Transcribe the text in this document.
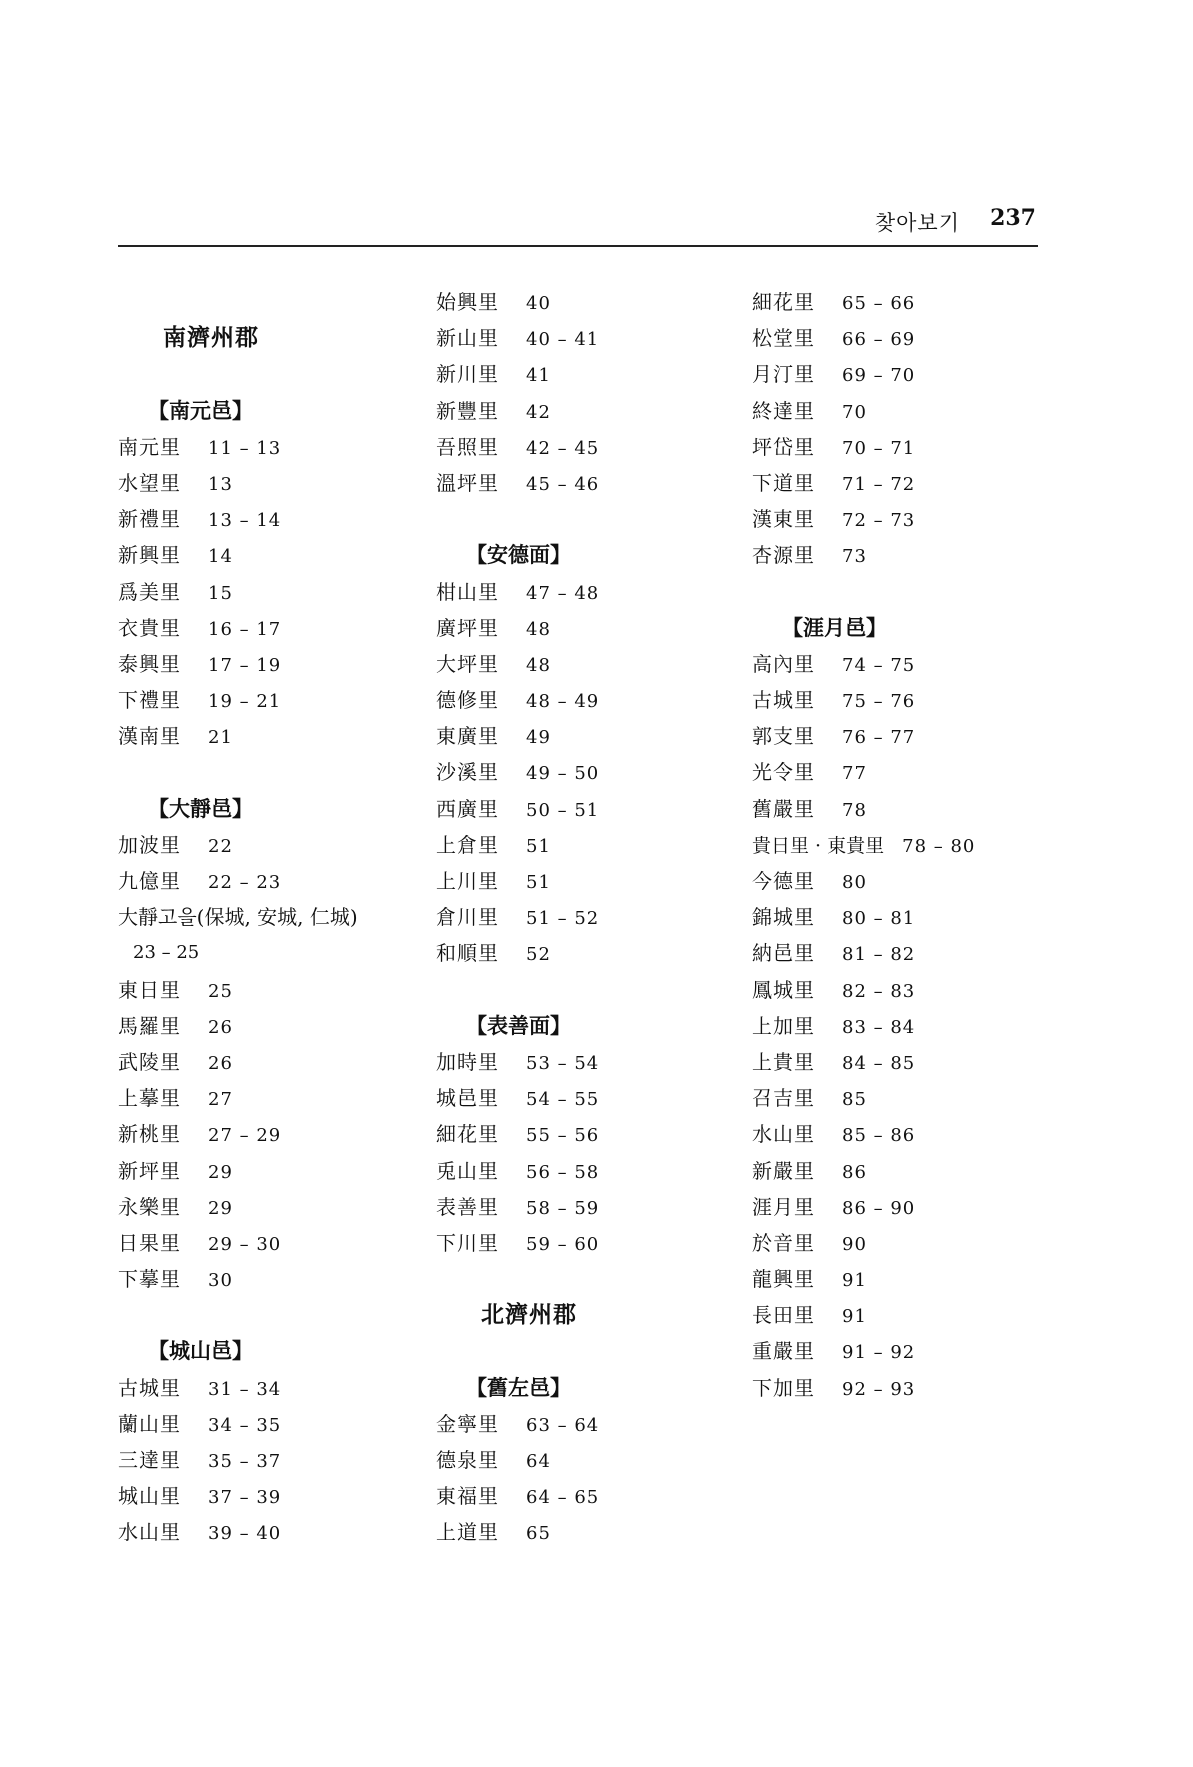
찾아보기 237
南濟州郡
【南元邑】
南元里 11 – 13
水望里 13
新禮里 13 – 14
新興里 14
爲美里 15
衣貴里 16 – 17
泰興里 17 – 19
下禮里 19 – 21
漢南里 21
【大靜邑】
加波里 22
九億里 22 – 23
大靜고을(保城, 安城, 仁城)
23 – 25
東日里 25
馬羅里 26
武陵里 26
上摹里 27
新桃里 27 – 29
新坪里 29
永樂里 29
日果里 29 – 30
下摹里 30
【城山邑】
古城里 31 – 34
蘭山里 34 – 35
三達里 35 – 37
城山里 37 – 39
水山里 39 – 40
始興里 40
新山里 40 – 41
新川里 41
新豐里 42
吾照里 42 – 45
溫坪里 45 – 46
【安德面】
柑山里 47 – 48
廣坪里 48
大坪里 48
德修里 48 – 49
東廣里 49
沙溪里 49 – 50
西廣里 50 – 51
上倉里 51
上川里 51
倉川里 51 – 52
和順里 52
【表善面】
加時里 53 – 54
城邑里 54 – 55
細花里 55 – 56
兎山里 56 – 58
表善里 58 – 59
下川里 59 – 60
北濟州郡
【舊左邑】
金寧里 63 – 64
德泉里 64
東福里 64 – 65
上道里 65
細花里 65 – 66
松堂里 66 – 69
月汀里 69 – 70
終達里 70
坪岱里 70 – 71
下道里 71 – 72
漢東里 72 – 73
杏源里 73
【涯月邑】
高內里 74 – 75
古城里 75 – 76
郭支里 76 – 77
光令里 77
舊嚴里 78
貴日里 · 東貴里 78 – 80
今德里 80
錦城里 80 – 81
納邑里 81 – 82
鳳城里 82 – 83
上加里 83 – 84
上貴里 84 – 85
召吉里 85
水山里 85 – 86
新嚴里 86
涯月里 86 – 90
於音里 90
龍興里 91
長田里 91
重嚴里 91 – 92
下加里 92 – 93
